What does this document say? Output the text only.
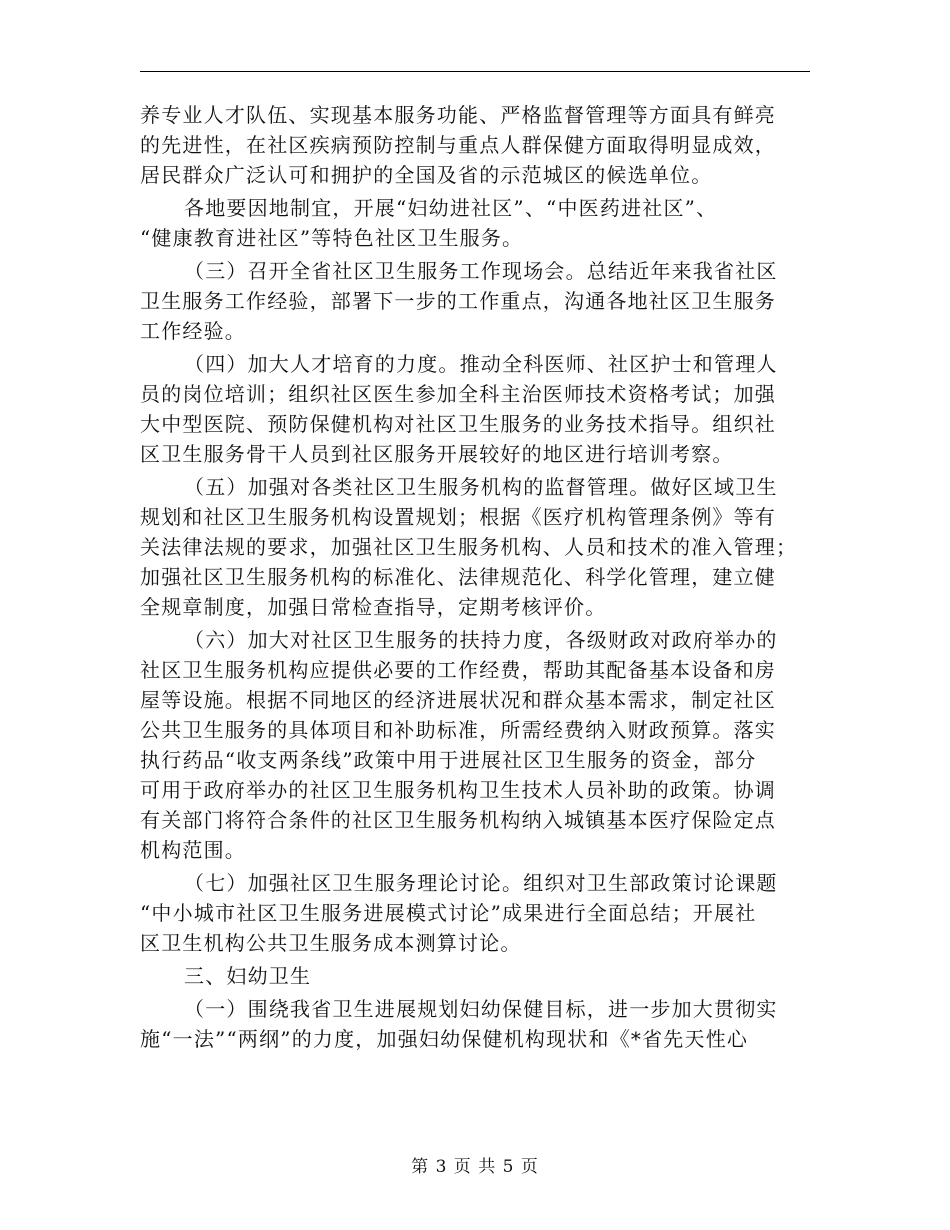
养专业人才队伍、实现基本服务功能、严格监督管理等方面具有鲜亮
的先进性，在社区疾病预防控制与重点人群保健方面取得明显成效，
居民群众广泛认可和拥护的全国及省的示范城区的候选单位。

各地要因地制宜，开展“妇幼进社区”、“中医药进社区”、
“健康教育进社区”等特色社区卫生服务。

（三）召开全省社区卫生服务工作现场会。总结近年来我省社区
卫生服务工作经验，部署下一步的工作重点，沟通各地社区卫生服务
工作经验。

（四）加大人才培育的力度。推动全科医师、社区护士和管理人
员的岗位培训；组织社区医生参加全科主治医师技术资格考试；加强
大中型医院、预防保健机构对社区卫生服务的业务技术指导。组织社
区卫生服务骨干人员到社区服务开展较好的地区进行培训考察。

（五）加强对各类社区卫生服务机构的监督管理。做好区域卫生
规划和社区卫生服务机构设置规划；根据《医疗机构管理条例》等有
关法律法规的要求，加强社区卫生服务机构、人员和技术的准入管理；
加强社区卫生服务机构的标准化、法律规范化、科学化管理，建立健
全规章制度，加强日常检查指导，定期考核评价。

（六）加大对社区卫生服务的扶持力度，各级财政对政府举办的
社区卫生服务机构应提供必要的工作经费，帮助其配备基本设备和房
屋等设施。根据不同地区的经济进展状况和群众基本需求，制定社区
公共卫生服务的具体项目和补助标准，所需经费纳入财政预算。落实
执行药品“收支两条线”政策中用于进展社区卫生服务的资金，部分
可用于政府举办的社区卫生服务机构卫生技术人员补助的政策。协调
有关部门将符合条件的社区卫生服务机构纳入城镇基本医疗保险定点
机构范围。

（七）加强社区卫生服务理论讨论。组织对卫生部政策讨论课题
“中小城市社区卫生服务进展模式讨论”成果进行全面总结；开展社
区卫生机构公共卫生服务成本测算讨论。

三、妇幼卫生

（一）围绕我省卫生进展规划妇幼保健目标，进一步加大贯彻实
施“一法”“两纲”的力度，加强妇幼保健机构现状和《*省先天性心

第 3 页 共 5 页
